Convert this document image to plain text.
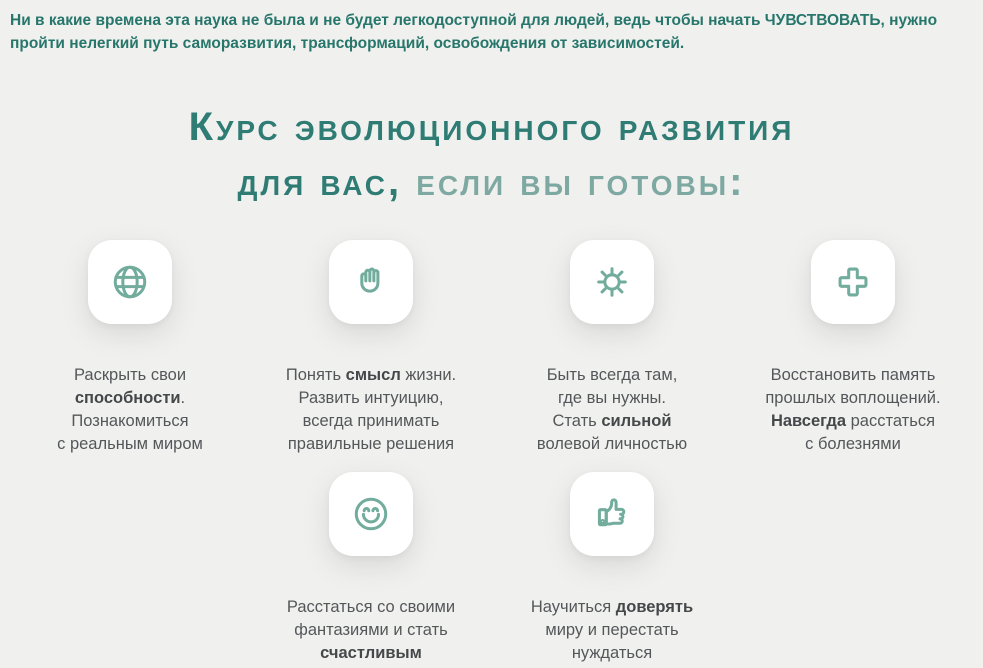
Ни в какие времена эта наука не была и не будет легкодоступной для людей, ведь чтобы начать ЧУВСТВОВАТЬ, нужно пройти нелегкий путь саморазвития, трансформаций, освобождения от зависимостей.

Курс эволюционного развития
для вас, если вы готовы:

Раскрыть свои
способности.
Познакомиться
с реальным миром

Понять смысл жизни.
Развить интуицию,
всегда принимать
правильные решения

Быть всегда там,
где вы нужны.
Стать сильной
волевой личностью

Восстановить память
прошлых воплощений.
Навсегда расстаться
с болезнями

Расстаться со своими
фантазиями и стать
счастливым

Научиться доверять
миру и перестать
нуждаться
